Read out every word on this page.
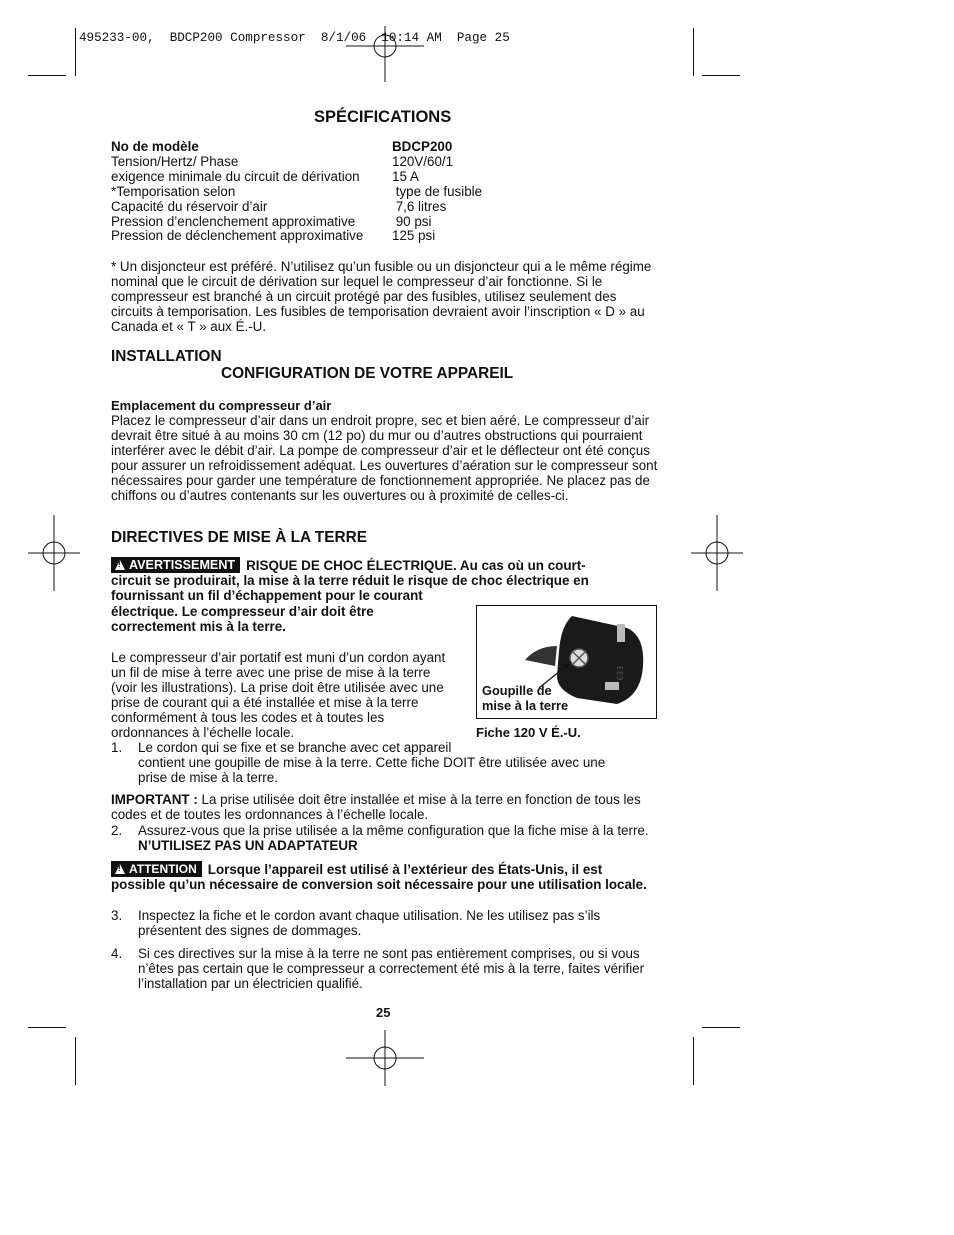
495233-00,  BDCP200 Compressor  8/1/06  10:14 AM  Page 25
SPÉCIFICATIONS
No de modèle	BDCP200
Tension/Hertz/ Phase	120V/60/1
exigence minimale du circuit de dérivation	15 A
*Temporisation selon	type de fusible
Capacité du réservoir d’air	7,6 litres
Pression d’enclenchement approximative	90 psi
Pression de déclenchement approximative	125 psi
* Un disjoncteur est préféré. N’utilisez qu’un fusible ou un disjoncteur qui a le même régime nominal que le circuit de dérivation sur lequel le compresseur d’air fonctionne. Si le compresseur est branché à un circuit protégé par des fusibles, utilisez seulement des circuits à temporisation. Les fusibles de temporisation devraient avoir l’inscription « D » au Canada et « T » aux É.-U.
INSTALLATION
CONFIGURATION DE VOTRE APPAREIL
Emplacement du compresseur d’air
Placez le compresseur d’air dans un endroit propre, sec et bien aéré. Le compresseur d’air devrait être situé à au moins 30 cm (12 po) du mur ou d’autres obstructions qui pourraient interférer avec le débit d’air. La pompe de compresseur d’air et le déflecteur ont été conçus pour assurer un refroidissement adéquat. Les ouvertures d’aération sur le compresseur sont nécessaires pour garder une température de fonctionnement appropriée. Ne placez pas de chiffons ou d’autres contenants sur les ouvertures ou à proximité de celles-ci.
DIRECTIVES DE MISE À LA TERRE
!AVERTISSEMENT RISQUE DE CHOC ÉLECTRIQUE. Au cas où un court-
circuit se produirait, la mise à la terre réduit le risque de choc électrique en
fournissant un fil d’échappement pour le courant
électrique. Le compresseur d’air doit être
correctement mis à la terre.
ЕЕЭ
Goupille de
mise à la terre
Fiche 120 V É.-U.
Le compresseur d’air portatif est muni d’un cordon ayant
un fil de mise à terre avec une prise de mise à la terre
(voir les illustrations). La prise doit être utilisée avec une
prise de courant qui a été installée et mise à la terre
conformément à tous les codes et à toutes les
ordonnances à l’échelle locale.
1. Le cordon qui se fixe et se branche avec cet appareil
contient une goupille de mise à la terre. Cette fiche DOIT être utilisée avec une
prise de mise à la terre.
IMPORTANT : La prise utilisée doit être installée et mise à la terre en fonction de tous les codes et de toutes les ordonnances à l’échelle locale.
2. Assurez-vous que la prise utilisée a la même configuration que la fiche mise à la terre. N’UTILISEZ PAS UN ADAPTATEUR
!ATTENTION Lorsque l’appareil est utilisé à l’extérieur des États-Unis, il est possible qu’un nécessaire de conversion soit nécessaire pour une utilisation locale.
3. Inspectez la fiche et le cordon avant chaque utilisation. Ne les utilisez pas s’ils présentent des signes de dommages.
4. Si ces directives sur la mise à la terre ne sont pas entièrement comprises, ou si vous n’êtes pas certain que le compresseur a correctement été mis à la terre, faites vérifier l’installation par un électricien qualifié.
25
